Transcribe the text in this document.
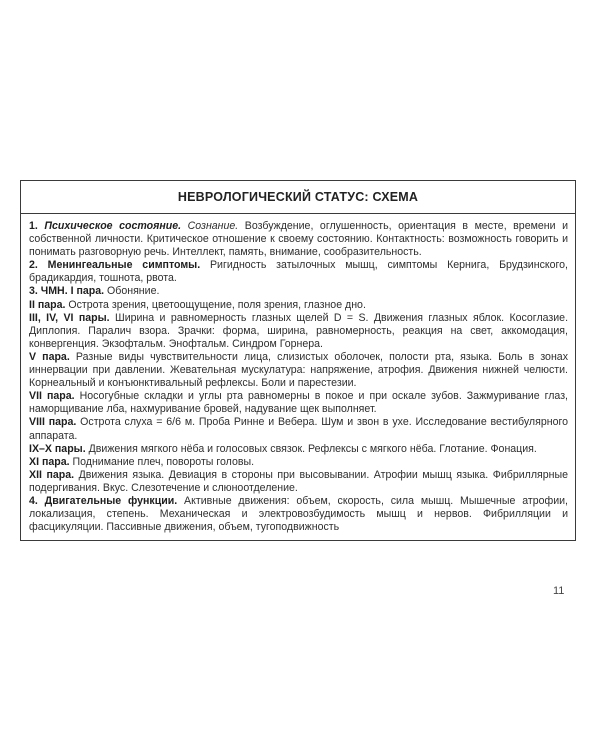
НЕВРОЛОГИЧЕСКИЙ СТАТУС: СХЕМА

1. Психическое состояние. Сознание. Возбуждение, оглушенность, ориентация в месте, времени и собственной личности. Критическое отношение к своему состоянию. Контактность: возможность говорить и понимать разговорную речь. Интеллект, память, внимание, сообразительность.

2. Менингеальные симптомы. Ригидность затылочных мышц, симптомы Кернига, Брудзинского, брадикардия, тошнота, рвота.

3. ЧМН. I пара. Обоняние.

II пара. Острота зрения, цветоощущение, поля зрения, глазное дно.

III, IV, VI пары. Ширина и равномерность глазных щелей D = S. Движения глазных яблок. Косоглазие. Диплопия. Паралич взора. Зрачки: форма, ширина, равномерность, реакция на свет, аккомодация, конвергенция. Экзофтальм. Энофтальм. Синдром Горнера.

V пара. Разные виды чувствительности лица, слизистых оболочек, полости рта, языка. Боль в зонах иннервации при давлении. Жевательная мускулатура: напряжение, атрофия. Движения нижней челюсти. Корнеальный и конъюнктивальный рефлексы. Боли и парестезии.

VII пара. Носогубные складки и углы рта равномерны в покое и при оскале зубов. Зажмуривание глаз, наморщивание лба, нахмуривание бровей, надувание щек выполняет.

VIII пара. Острота слуха = 6/6 м. Проба Ринне и Вебера. Шум и звон в ухе. Исследование вестибулярного аппарата.

IX–X пары. Движения мягкого нёба и голосовых связок. Рефлексы с мягкого нёба. Глотание. Фонация.

XI пара. Поднимание плеч, повороты головы.

XII пара. Движения языка. Девиация в стороны при высовывании. Атрофии мышц языка. Фибриллярные подергивания. Вкус. Слезотечение и слюноотделение.

4. Двигательные функции. Активные движения: объем, скорость, сила мышц. Мышечные атрофии, локализация, степень. Механическая и электровозбудимость мышц и нервов. Фибрилляции и фасцикуляции. Пассивные движения, объем, тугоподвижность

11
